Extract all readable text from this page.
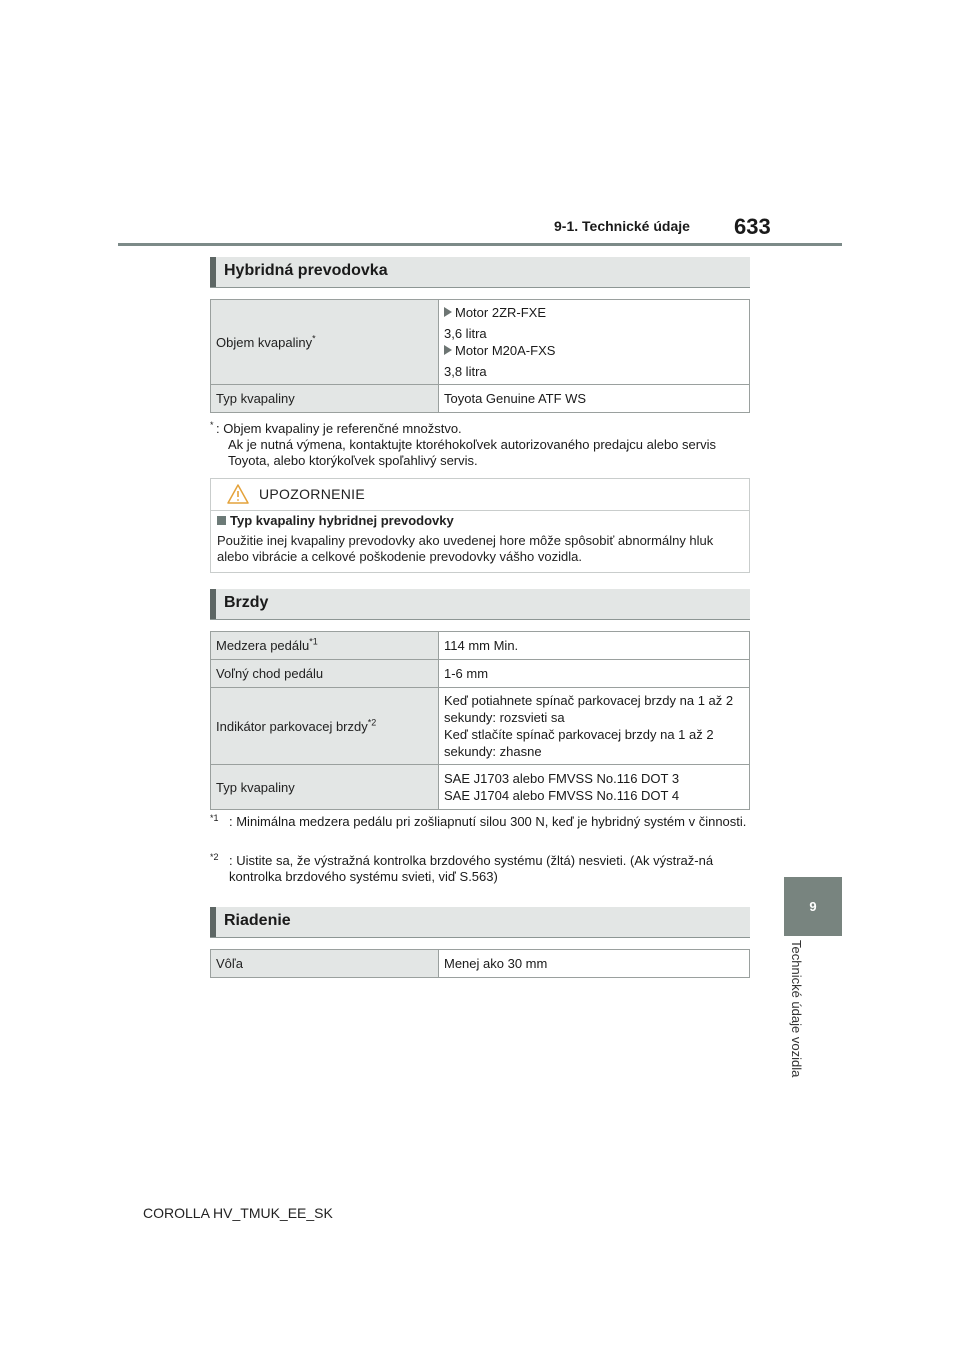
9-1. Technické údaje 633
9
Technické údaje vozidla
Hybridná prevodovka
Objem kvapaliny*	Motor 2ZR-FXE
3,6 litra
Motor M20A-FXS
3,8 litra

Typ kvapaliny	Toyota Genuine ATF WS
* : Objem kvapaliny je referenčné množstvo.
Ak je nutná výmena, kontaktujte ktoréhokoľvek autorizovaného predajcu alebo servis Toyota, alebo ktorýkoľvek spoľahlivý servis.
UPOZORNENIE
Typ kvapaliny hybridnej prevodovky
Použitie inej kvapaliny prevodovky ako uvedenej hore môže spôsobiť abnormálny hluk alebo vibrácie a celkové poškodenie prevodovky vášho vozidla.
Brzdy
Medzera pedálu$^{*1}$	114 mm Min.
Voľný chod pedálu	1-6 mm
Indikátor parkovacej brzdy$^{*2}$	Keď potiahnete spínač parkovacej brzdy na 1 až 2 sekundy: rozsvieti sa
Keď stlačíte spínač parkovacej brzdy na 1 až 2 sekundy: zhasne

Typ kvapaliny	SAE J1703 alebo FMVSS No.116 DOT 3
SAE J1704 alebo FMVSS No.116 DOT 4
*1 : Minimálna medzera pedálu pri zošliapnutí silou 300 N, keď je hybridný systém v činnosti.
*2 : Uistite sa, že výstražná kontrolka brzdového systému (žltá) nesvieti. (Ak výstraž-ná kontrolka brzdového systému svieti, viď S.563)
Riadenie
Vôľa	Menej ako 30 mm
COROLLA HV_TMUK_EE_SK
